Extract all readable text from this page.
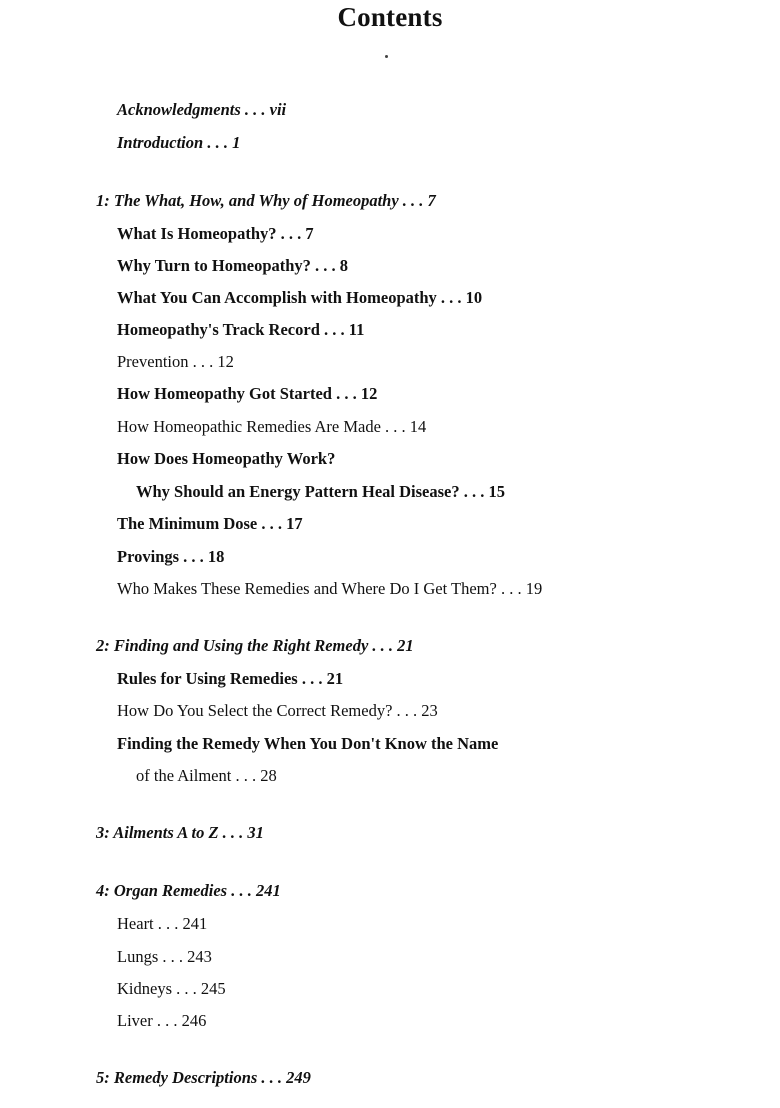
Contents
Acknowledgments . . . vii
Introduction . . . 1
1: The What, How, and Why of Homeopathy . . . 7
What Is Homeopathy? . . . 7
Why Turn to Homeopathy? . . . 8
What You Can Accomplish with Homeopathy . . . 10
Homeopathy's Track Record . . . 11
Prevention . . . 12
How Homeopathy Got Started . . . 12
How Homeopathic Remedies Are Made . . . 14
How Does Homeopathy Work?
Why Should an Energy Pattern Heal Disease? . . . 15
The Minimum Dose . . . 17
Provings . . . 18
Who Makes These Remedies and Where Do I Get Them? . . . 19
2: Finding and Using the Right Remedy . . . 21
Rules for Using Remedies . . . 21
How Do You Select the Correct Remedy? . . . 23
Finding the Remedy When You Don't Know the Name
of the Ailment . . . 28
3: Ailments A to Z . . . 31
4: Organ Remedies . . . 241
Heart . . . 241
Lungs . . . 243
Kidneys . . . 245
Liver . . . 246
5: Remedy Descriptions . . . 249
